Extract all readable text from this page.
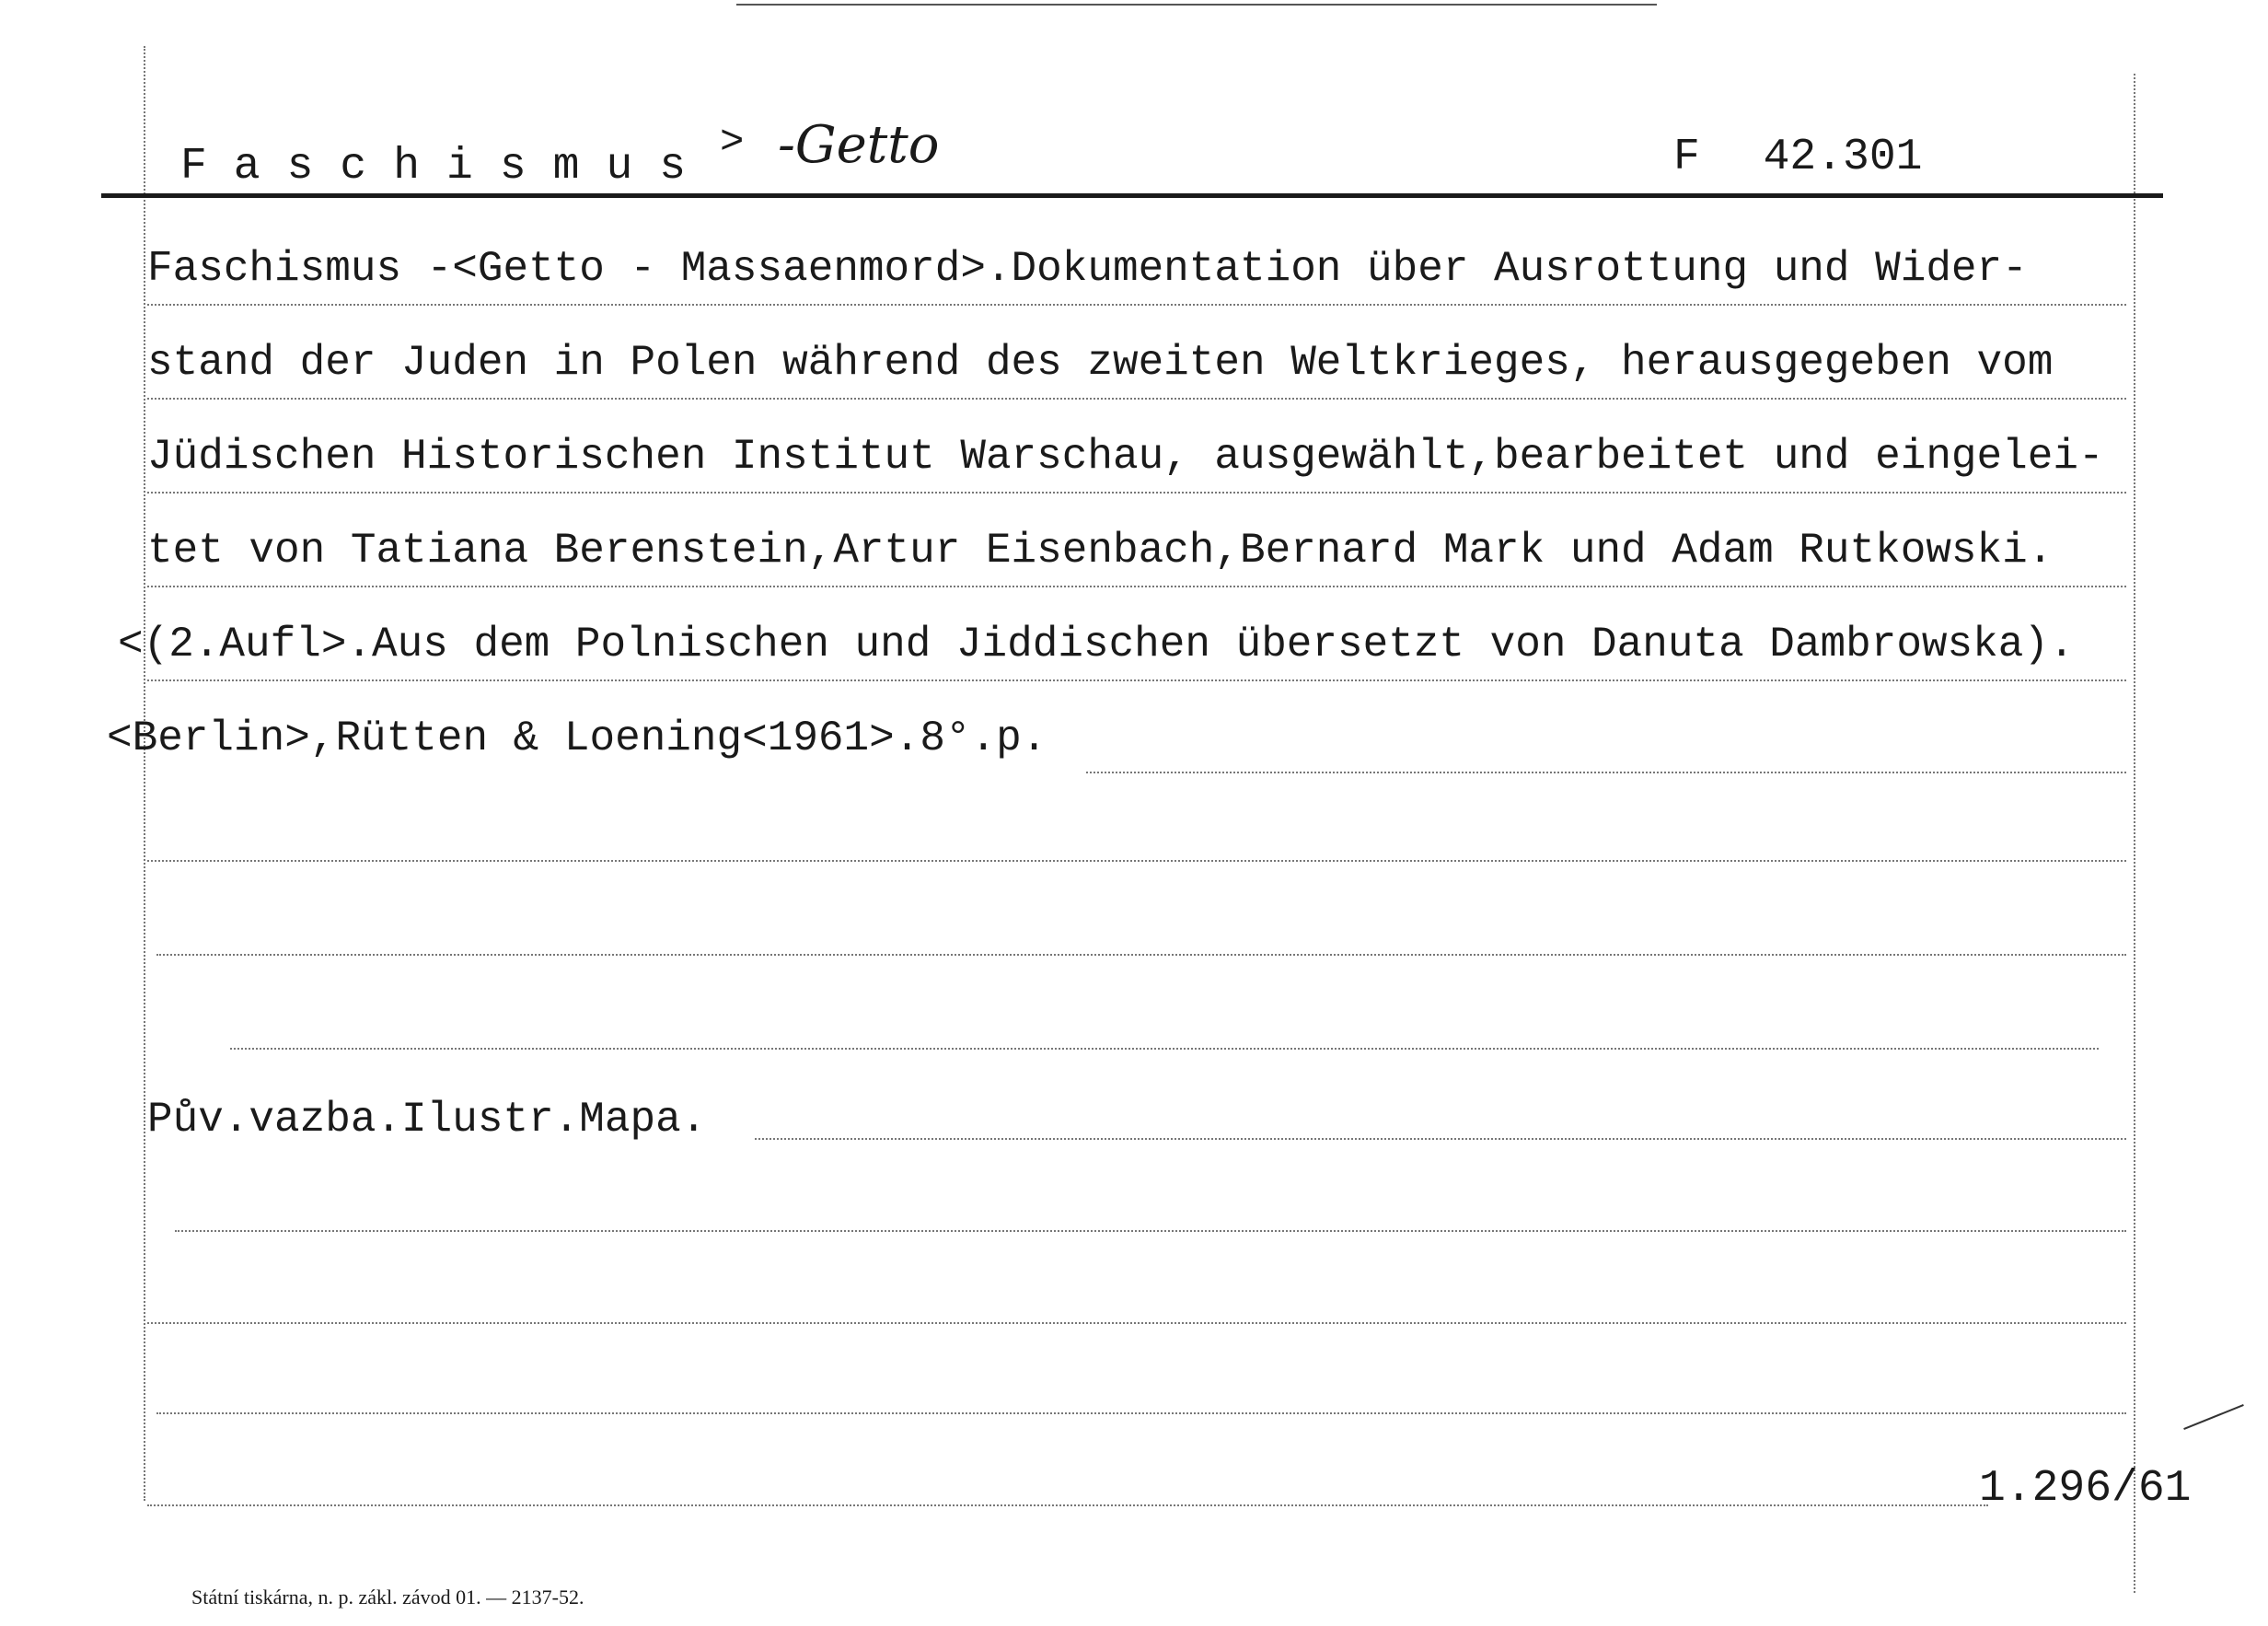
Faschismus > -Getto	F 42.301
Faschismus -<Getto - Massaenmord>.Dokumentation über Ausrottung und Wider-
stand der Juden in Polen während des zweiten Weltkrieges, herausgegeben vom
Jüdischen Historischen Institut Warschau, ausgewählt,bearbeitet und eingelei-
tet von Tatiana Berenstein,Artur Eisenbach,Bernard Mark und Adam Rutkowski.
<(2.Aufl>.Aus dem Polnischen und Jiddischen übersetzt von Danuta Dambrowska).
<Berlin>,Rütten & Loening<1961>.8°.p.
Pův.vazba.Ilustr.Mapa.
1.296/61
Státní tiskárna, n. p. zákl. závod 01. — 2137-52.
